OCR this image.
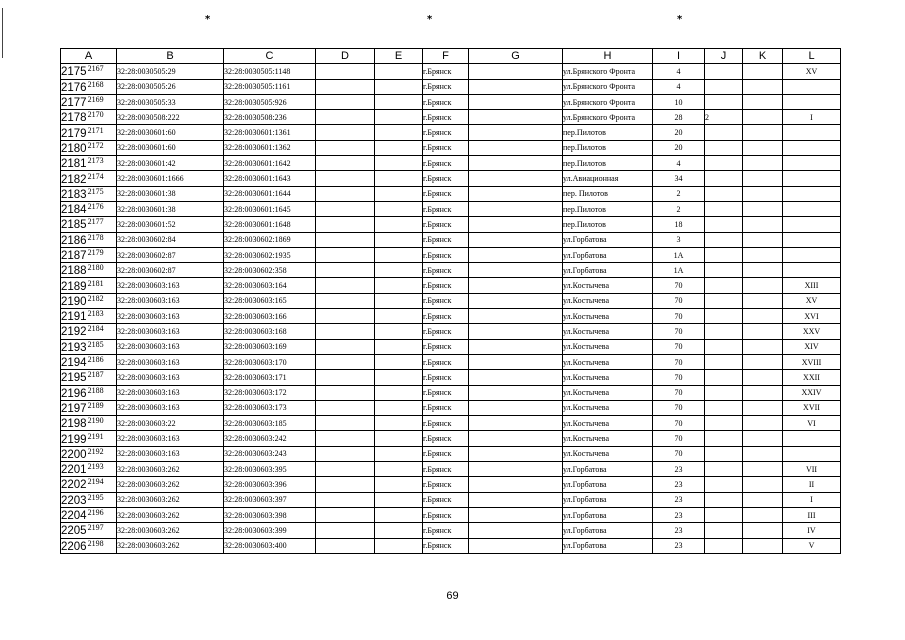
*	*	*
A	B	C	D	E	F	G	H	I	J	K	L
$2175^{2167}$	32:28:0030505:29	32:28:0030505:1148			г.Брянск		ул.Брянского Фронта	4			XV
$2176^{2168}$	32:28:0030505:26	32:28:0030505:1161			г.Брянск		ул.Брянского Фронта	4			
$2177^{2169}$	32:28:0030505:33	32:28:0030505:926			г.Брянск		ул.Брянского Фронта	10			
$2178^{2170}$	32:28:0030508:222	32:28:0030508:236			г.Брянск		ул.Брянского Фронта	28	2		I
$2179^{2171}$	32:28:0030601:60	32:28:0030601:1361			г.Брянск		пер.Пилотов	20			
$2180^{2172}$	32:28:0030601:60	32:28:0030601:1362			г.Брянск		пер.Пилотов	20			
$2181^{2173}$	32:28:0030601:42	32:28:0030601:1642			г.Брянск		пер.Пилотов	4			
$2182^{2174}$	32:28:0030601:1666	32:28:0030601:1643			г.Брянск		ул.Авиационная	34			
$2183^{2175}$	32:28:0030601:38	32:28:0030601:1644			г.Брянск		пер. Пилотов	2			
$2184^{2176}$	32:28:0030601:38	32:28:0030601:1645			г.Брянск		пер.Пилотов	2			
$2185^{2177}$	32:28:0030601:52	32:28:0030601:1648			г.Брянск		пер.Пилотов	18			
$2186^{2178}$	32:28:0030602:84	32:28:0030602:1869			г.Брянск		ул.Горбатова	3			
$2187^{2179}$	32:28:0030602:87	32:28:0030602:1935			г.Брянск		ул.Горбатова	1А			
$2188^{2180}$	32:28:0030602:87	32:28:0030602:358			г.Брянск		ул.Горбатова	1А			
$2189^{2181}$	32:28:0030603:163	32:28:0030603:164			г.Брянск		ул.Костычева	70			XIII
$2190^{2182}$	32:28:0030603:163	32:28:0030603:165			г.Брянск		ул.Костычева	70			XV
$2191^{2183}$	32:28:0030603:163	32:28:0030603:166			г.Брянск		ул.Костычева	70			XVI
$2192^{2184}$	32:28:0030603:163	32:28:0030603:168			г.Брянск		ул.Костычева	70			XXV
$2193^{2185}$	32:28:0030603:163	32:28:0030603:169			г.Брянск		ул.Костычева	70			XIV
$2194^{2186}$	32:28:0030603:163	32:28:0030603:170			г.Брянск		ул.Костычева	70			XVIII
$2195^{2187}$	32:28:0030603:163	32:28:0030603:171			г.Брянск		ул.Костычева	70			XXII
$2196^{2188}$	32:28:0030603:163	32:28:0030603:172			г.Брянск		ул.Костычева	70			XXIV
$2197^{2189}$	32:28:0030603:163	32:28:0030603:173			г.Брянск		ул.Костычева	70			XVII
$2198^{2190}$	32:28:0030603:22	32:28:0030603:185			г.Брянск		ул.Костычева	70			VI
$2199^{2191}$	32:28:0030603:163	32:28:0030603:242			г.Брянск		ул.Костычева	70			
$2200^{2192}$	32:28:0030603:163	32:28:0030603:243			г.Брянск		ул.Костычева	70			
$2201^{2193}$	32:28:0030603:262	32:28:0030603:395			г.Брянск		ул.Горбатова	23			VII
$2202^{2194}$	32:28:0030603:262	32:28:0030603:396			г.Брянск		ул.Горбатова	23			II
$2203^{2195}$	32:28:0030603:262	32:28:0030603:397			г.Брянск		ул.Горбатова	23			I
$2204^{2196}$	32:28:0030603:262	32:28:0030603:398			г.Брянск		ул.Горбатова	23			III
$2205^{2197}$	32:28:0030603:262	32:28:0030603:399			г.Брянск		ул.Горбатова	23			IV
$2206^{2198}$	32:28:0030603:262	32:28:0030603:400			г.Брянск		ул.Горбатова	23			V
69
